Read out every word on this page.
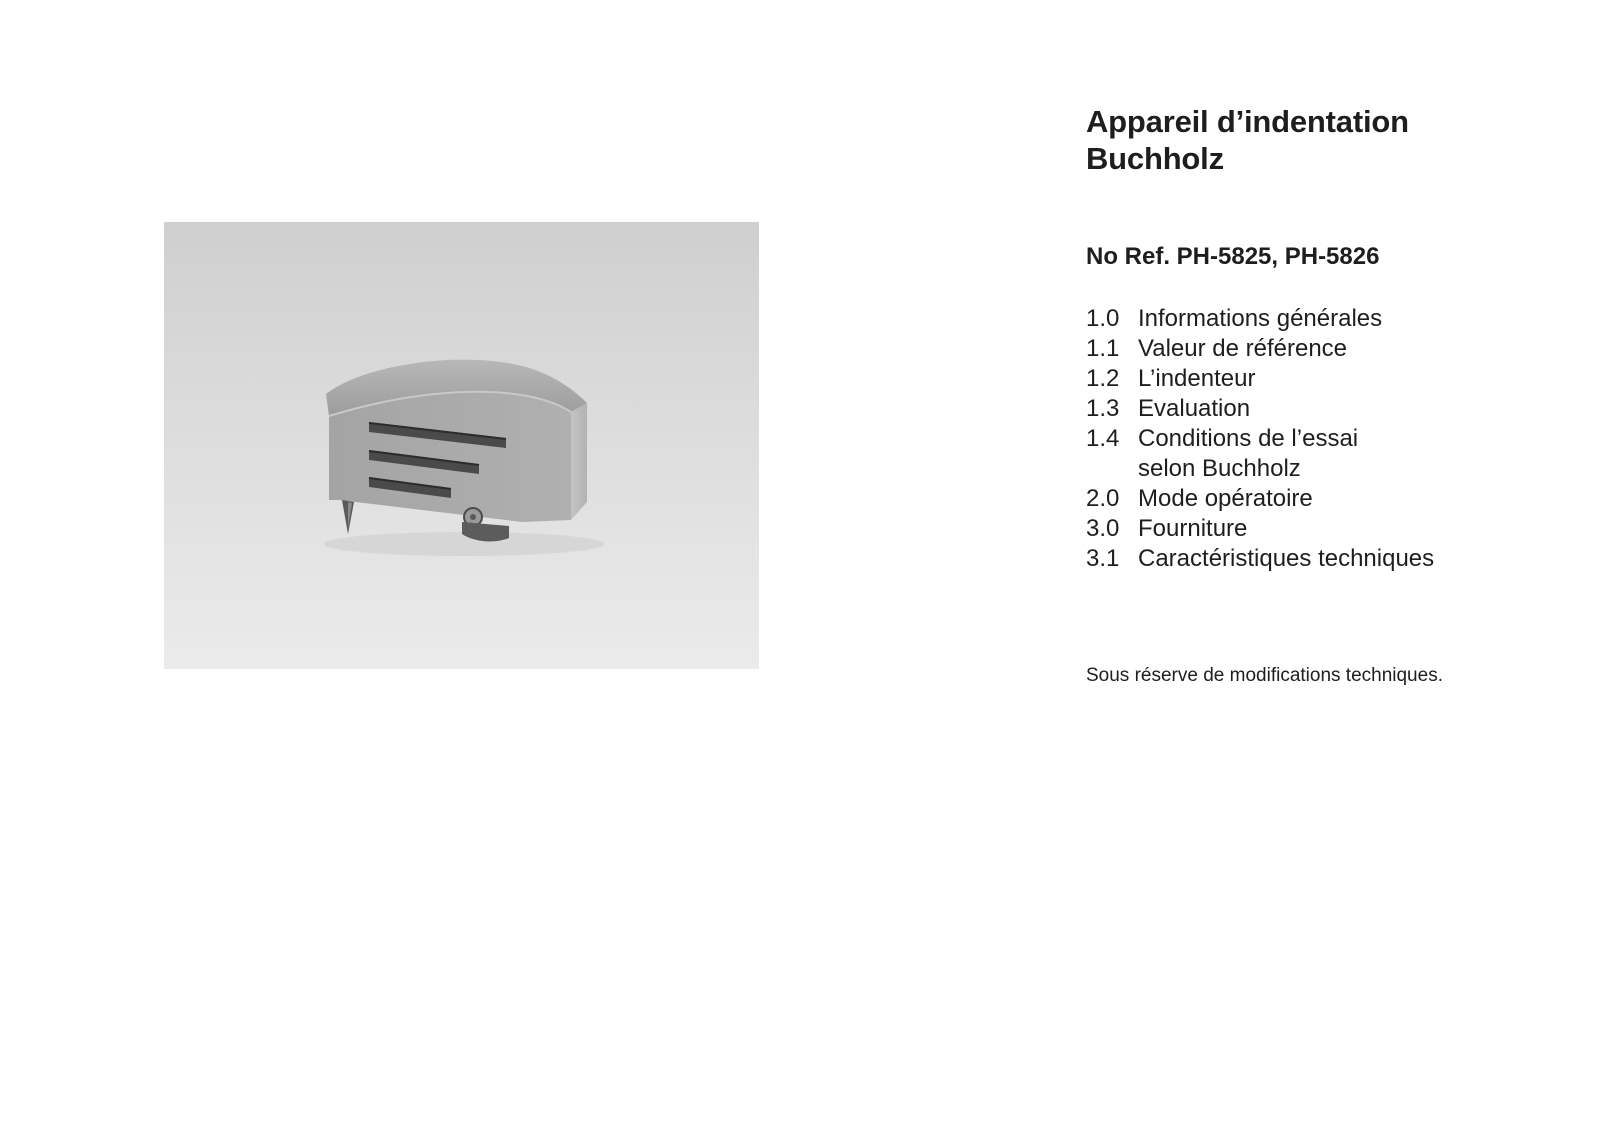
Appareil d’indentation
Buchholz
No Ref. PH-5825, PH-5826
1.0 Informations générales
1.1 Valeur de référence
1.2 L’indenteur
1.3 Evaluation
1.4 Conditions de l’essai
selon Buchholz
2.0 Mode opératoire
3.0 Fourniture
3.1 Caractéristiques techniques

Sous réserve de modifications techniques.
